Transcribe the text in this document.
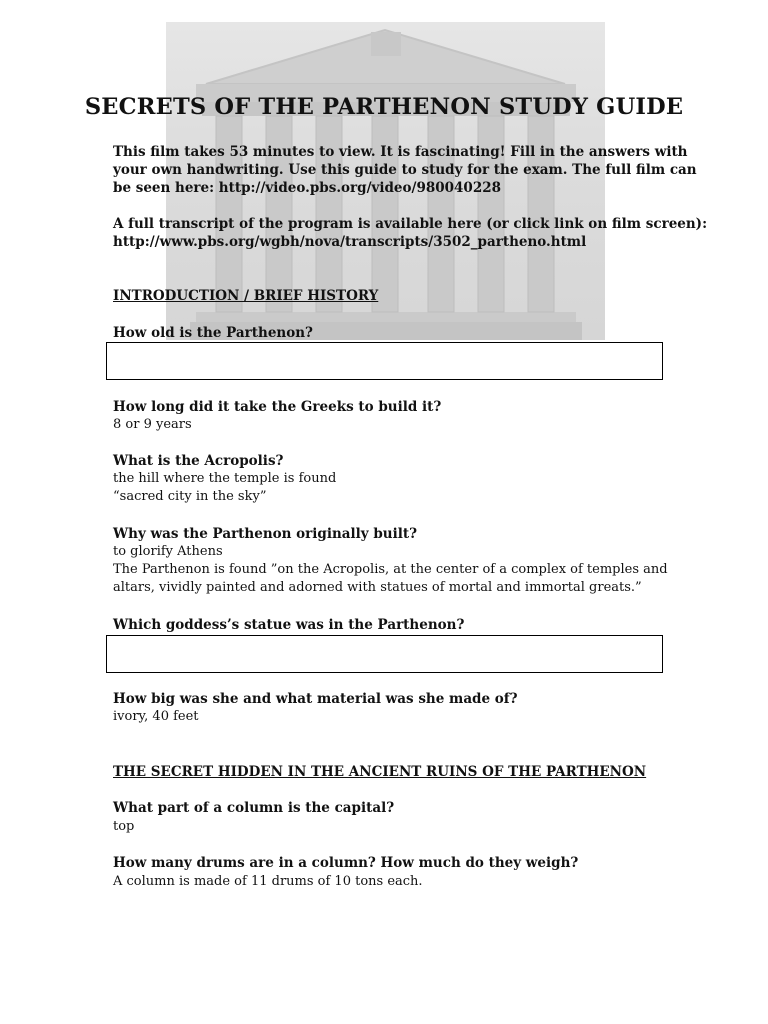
SECRETS OF THE PARTHENON STUDY GUIDE
This film takes 53 minutes to view. It is fascinating! Fill in the answers with
your own handwriting. Use this guide to study for the exam. The full film can
be seen here: http://video.pbs.org/video/980040228
A full transcript of the program is available here (or click link on film screen):
http://www.pbs.org/wgbh/nova/transcripts/3502_partheno.html
INTRODUCTION / BRIEF HISTORY
How old is the Parthenon?
How long did it take the Greeks to build it?
8 or 9 years
What is the Acropolis?
the hill where the temple is found
“sacred city in the sky”
Why was the Parthenon originally built?
to glorify Athens
The Parthenon is found ”on the Acropolis, at the center of a complex of temples and
altars, vividly painted and adorned with statues of mortal and immortal greats.”
Which goddess’s statue was in the Parthenon?
How big was she and what material was she made of?
ivory, 40 feet
THE SECRET HIDDEN IN THE ANCIENT RUINS OF THE PARTHENON
What part of a column is the capital?
top
How many drums are in a column? How much do they weigh?
A column is made of 11 drums of 10 tons each.
